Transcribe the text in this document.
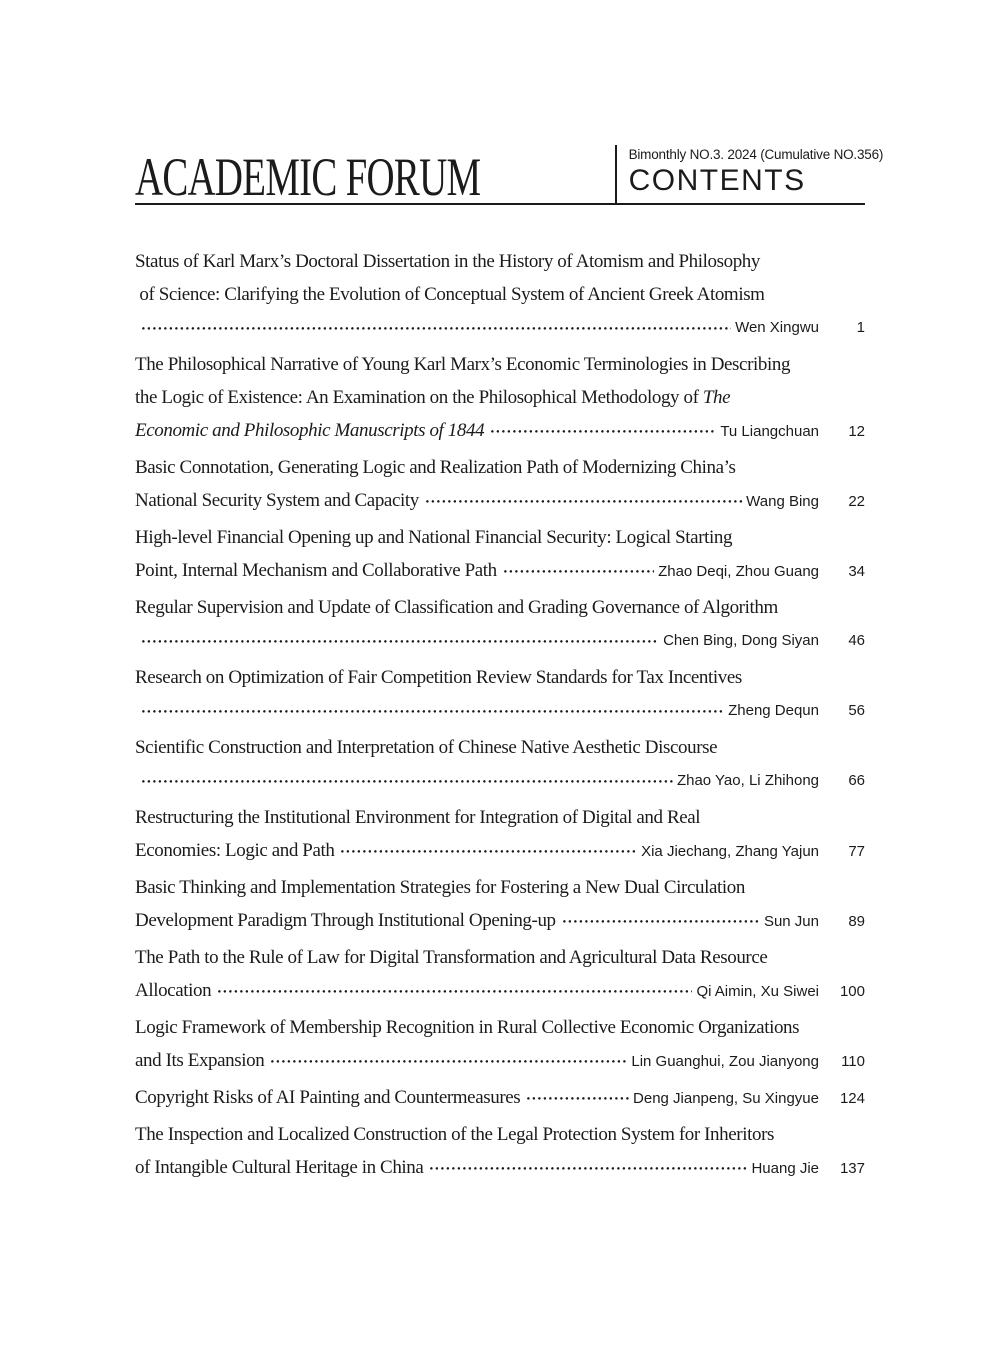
ACADEMIC FORUM	Bimonthly NO.3. 2024 (Cumulative NO.356)
CONTENTS
Status of Karl Marx’s Doctoral Dissertation in the History of Atomism and Philosophy
of Science: Clarifying the Evolution of Conceptual System of Ancient Greek Atomism
Wen Xingwu	1
The Philosophical Narrative of Young Karl Marx’s Economic Terminologies in Describing
the Logic of Existence: An Examination on the Philosophical Methodology of The
Economic and Philosophic Manuscripts of 1844	Tu Liangchuan	12
Basic Connotation, Generating Logic and Realization Path of Modernizing China’s
National Security System and Capacity	Wang Bing	22
High-level Financial Opening up and National Financial Security: Logical Starting
Point, Internal Mechanism and Collaborative Path	Zhao Deqi, Zhou Guang	34
Regular Supervision and Update of Classification and Grading Governance of Algorithm
Chen Bing, Dong Siyan	46
Research on Optimization of Fair Competition Review Standards for Tax Incentives
Zheng Dequn	56
Scientific Construction and Interpretation of Chinese Native Aesthetic Discourse
Zhao Yao, Li Zhihong	66
Restructuring the Institutional Environment for Integration of Digital and Real
Economies: Logic and Path	Xia Jiechang, Zhang Yajun	77
Basic Thinking and Implementation Strategies for Fostering a New Dual Circulation
Development Paradigm Through Institutional Opening-up	Sun Jun	89
The Path to the Rule of Law for Digital Transformation and Agricultural Data Resource
Allocation	Qi Aimin, Xu Siwei	100
Logic Framework of Membership Recognition in Rural Collective Economic Organizations
and Its Expansion	Lin Guanghui, Zou Jianyong	110
Copyright Risks of AI Painting and Countermeasures	Deng Jianpeng, Su Xingyue	124
The Inspection and Localized Construction of the Legal Protection System for Inheritors
of Intangible Cultural Heritage in China	Huang Jie	137
